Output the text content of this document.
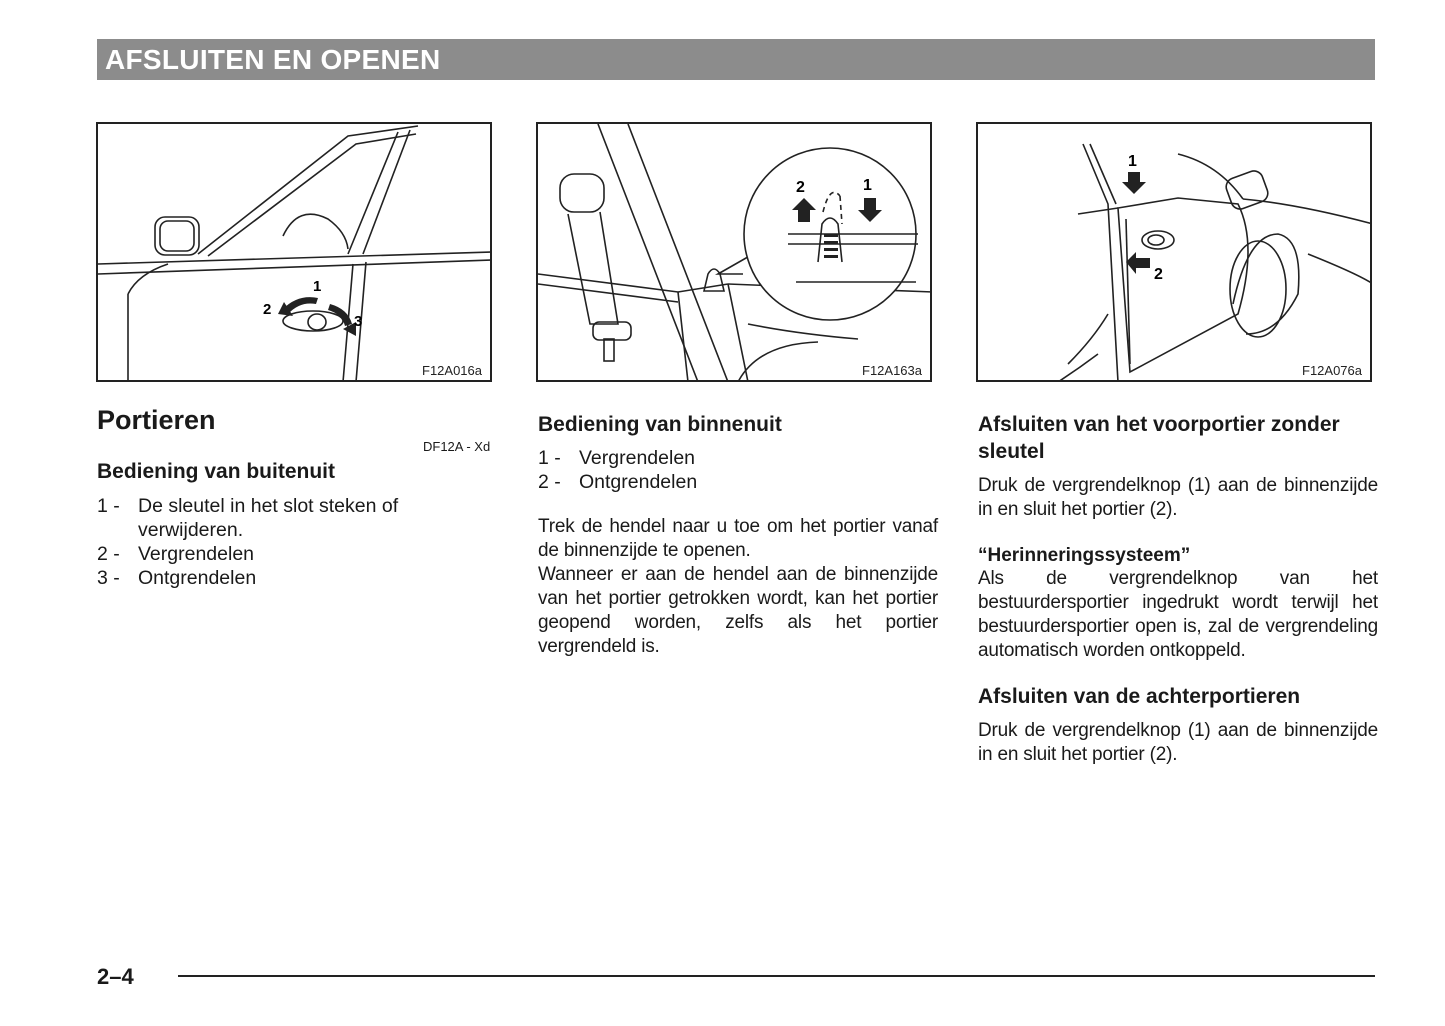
AFSLUITEN EN OPENEN
1
2
3
F12A016a
2	1
F12A163a
1
2
F12A076a
Portieren
DF12A - Xd
Bediening van buitenuit
1 - De sleutel in het slot steken of verwijderen.
2 - Vergrendelen
3 - Ontgrendelen
Bediening van binnenuit
1 - Vergrendelen
2 - Ontgrendelen

Trek de hendel naar u toe om het portier vanaf de binnenzijde te openen.

Wanneer er aan de hendel aan de binnenzijde van het portier getrokken wordt, kan het portier geopend worden, zelfs als het portier vergrendeld is.

Afsluiten van het voorportier zonder sleutel

Druk de vergrendelknop (1) aan de binnenzijde in en sluit het portier (2).

“Herinneringssysteem”

Als de vergrendelknop van het bestuurdersportier ingedrukt wordt terwijl het bestuurdersportier open is, zal de vergrendeling automatisch worden ontkoppeld.

Afsluiten van de achterportieren

Druk de vergrendelknop (1) aan de binnenzijde in en sluit het portier (2).

2–4
